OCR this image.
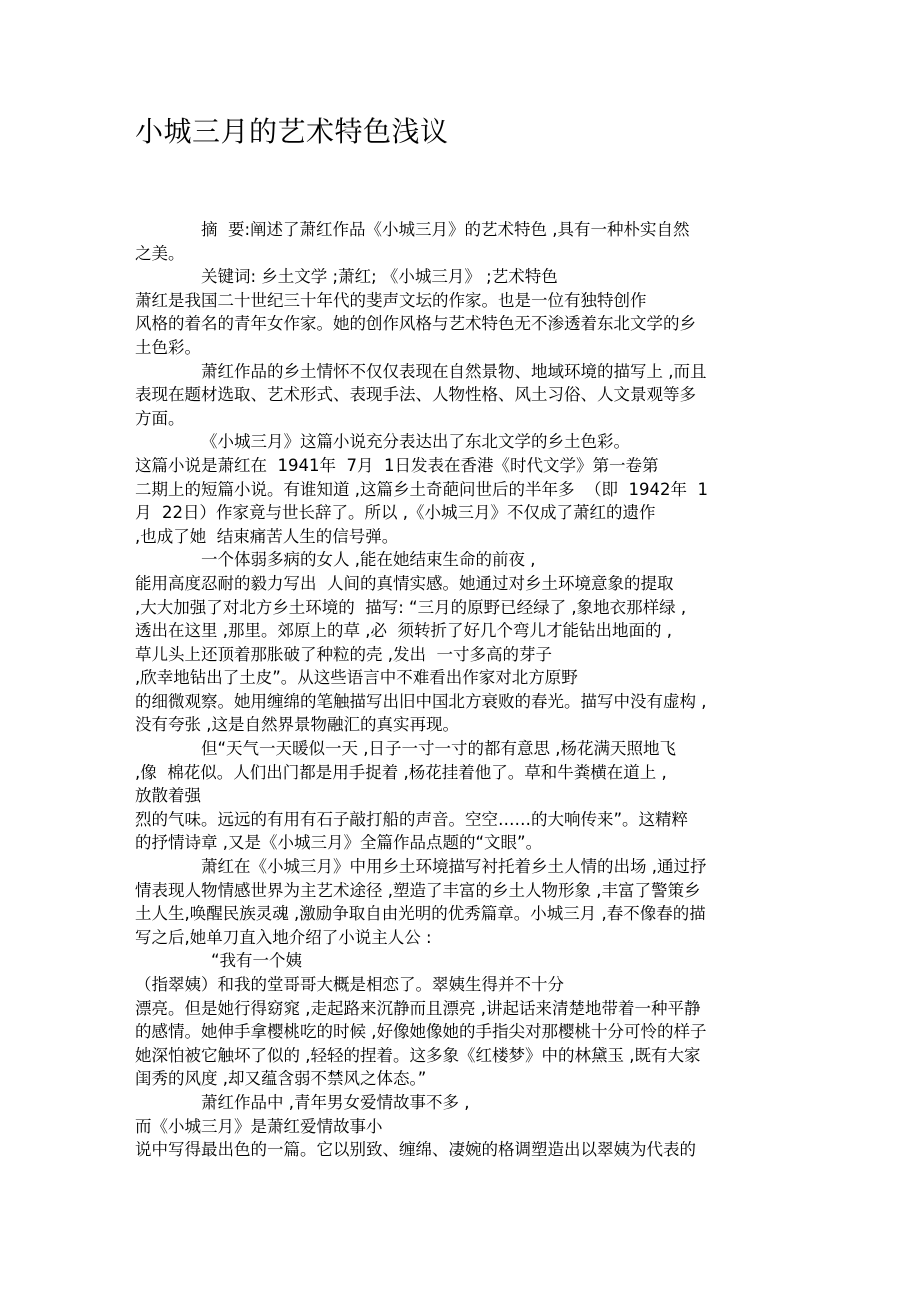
小城三月的艺术特色浅议
摘  要:阐述了萧红作品《小城三月》的艺术特色 ,具有一种朴实自然
之美。
关键词: 乡土文学 ;萧红; 《小城三月》 ;艺术特色
萧红是我国二十世纪三十年代的斐声文坛的作家。也是一位有独特创作
风格的着名的青年女作家。她的创作风格与艺术特色无不渗透着东北文学的乡
土色彩。
萧红作品的乡土情怀不仅仅表现在自然景物、地域环境的描写上 ,而且
表现在题材选取、艺术形式、表现手法、人物性格、风土习俗、人文景观等多
方面。
《小城三月》这篇小说充分表达出了东北文学的乡土色彩。
这篇小说是萧红在  1941年  7月  1日发表在香港《时代文学》第一卷第
二期上的短篇小说。有谁知道 ,这篇乡土奇葩问世后的半年多  （即  1942年  1
月  22日）作家竟与世长辞了。所以 ,《小城三月》不仅成了萧红的遗作
,也成了她  结束痛苦人生的信号弹。
一个体弱多病的女人 ,能在她结束生命的前夜 ,
能用高度忍耐的毅力写出  人间的真情实感。她通过对乡土环境意象的提取
,大大加强了对北方乡土环境的  描写: “三月的原野已经绿了 ,象地衣那样绿 ,
透出在这里 ,那里。郊原上的草 ,必  须转折了好几个弯儿才能钻出地面的 ,
草儿头上还顶着那胀破了种粒的壳 ,发出  一寸多高的芽子
,欣幸地钻出了土皮”。从这些语言中不难看出作家对北方原野
的细微观察。她用缠绵的笔触描写出旧中国北方衰败的春光。描写中没有虚构 ,
没有夸张 ,这是自然界景物融汇的真实再现。
但“天气一天暖似一天 ,日子一寸一寸的都有意思 ,杨花满天照地飞
,像  棉花似。人们出门都是用手捉着 ,杨花挂着他了。草和牛粪横在道上 ,
放散着强
烈的气味。远远的有用有石子敲打船的声音。空空……的大响传来”。这精粹
的抒情诗章 ,又是《小城三月》全篇作品点题的“文眼”。
萧红在《小城三月》中用乡土环境描写衬托着乡土人情的出场 ,通过抒
情表现人物情感世界为主艺术途径 ,塑造了丰富的乡土人物形象 ,丰富了警策乡
土人生,唤醒民族灵魂 ,激励争取自由光明的优秀篇章。小城三月 ,春不像春的描
写之后,她单刀直入地介绍了小说主人公 :
“我有一个姨
（指翠姨）和我的堂哥哥大概是相恋了。翠姨生得并不十分
漂亮。但是她行得窈窕 ,走起路来沉静而且漂亮 ,讲起话来清楚地带着一种平静
的感情。她伸手拿樱桃吃的时候 ,好像她像她的手指尖对那樱桃十分可怜的样子
她深怕被它触坏了似的 ,轻轻的捏着。这多象《红楼梦》中的林黛玉 ,既有大家
闺秀的风度 ,却又蕴含弱不禁风之体态。”
萧红作品中 ,青年男女爱情故事不多 ,
而《小城三月》是萧红爱情故事小
说中写得最出色的一篇。它以别致、缠绵、凄婉的格调塑造出以翠姨为代表的
